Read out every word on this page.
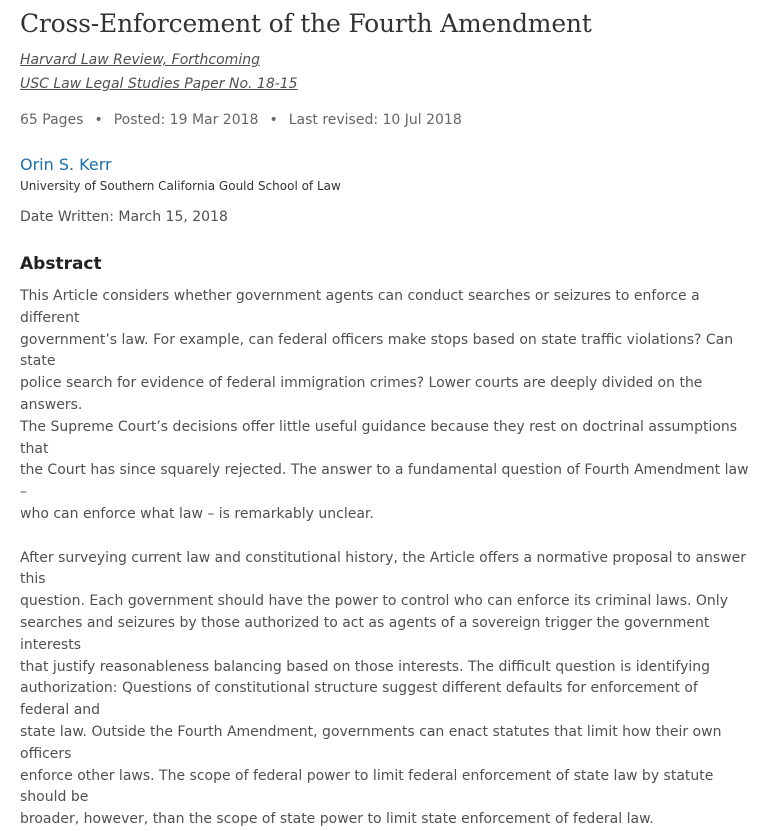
Cross-Enforcement of the Fourth Amendment
Harvard Law Review, Forthcoming
USC Law Legal Studies Paper No. 18-15
65 Pages • Posted: 19 Mar 2018 • Last revised: 10 Jul 2018
Orin S. Kerr
University of Southern California Gould School of Law
Date Written: March 15, 2018
Abstract

This Article considers whether government agents can conduct searches or seizures to enforce a different
government’s law. For example, can federal officers make stops based on state traffic violations? Can state
police search for evidence of federal immigration crimes? Lower courts are deeply divided on the answers.
The Supreme Court’s decisions offer little useful guidance because they rest on doctrinal assumptions that
the Court has since squarely rejected. The answer to a fundamental question of Fourth Amendment law –
who can enforce what law – is remarkably unclear.

After surveying current law and constitutional history, the Article offers a normative proposal to answer this
question. Each government should have the power to control who can enforce its criminal laws. Only
searches and seizures by those authorized to act as agents of a sovereign trigger the government interests
that justify reasonableness balancing based on those interests. The difficult question is identifying
authorization: Questions of constitutional structure suggest different defaults for enforcement of federal and
state law. Outside the Fourth Amendment, governments can enact statutes that limit how their own officers
enforce other laws. The scope of federal power to limit federal enforcement of state law by statute should be
broader, however, than the scope of state power to limit state enforcement of federal law.
